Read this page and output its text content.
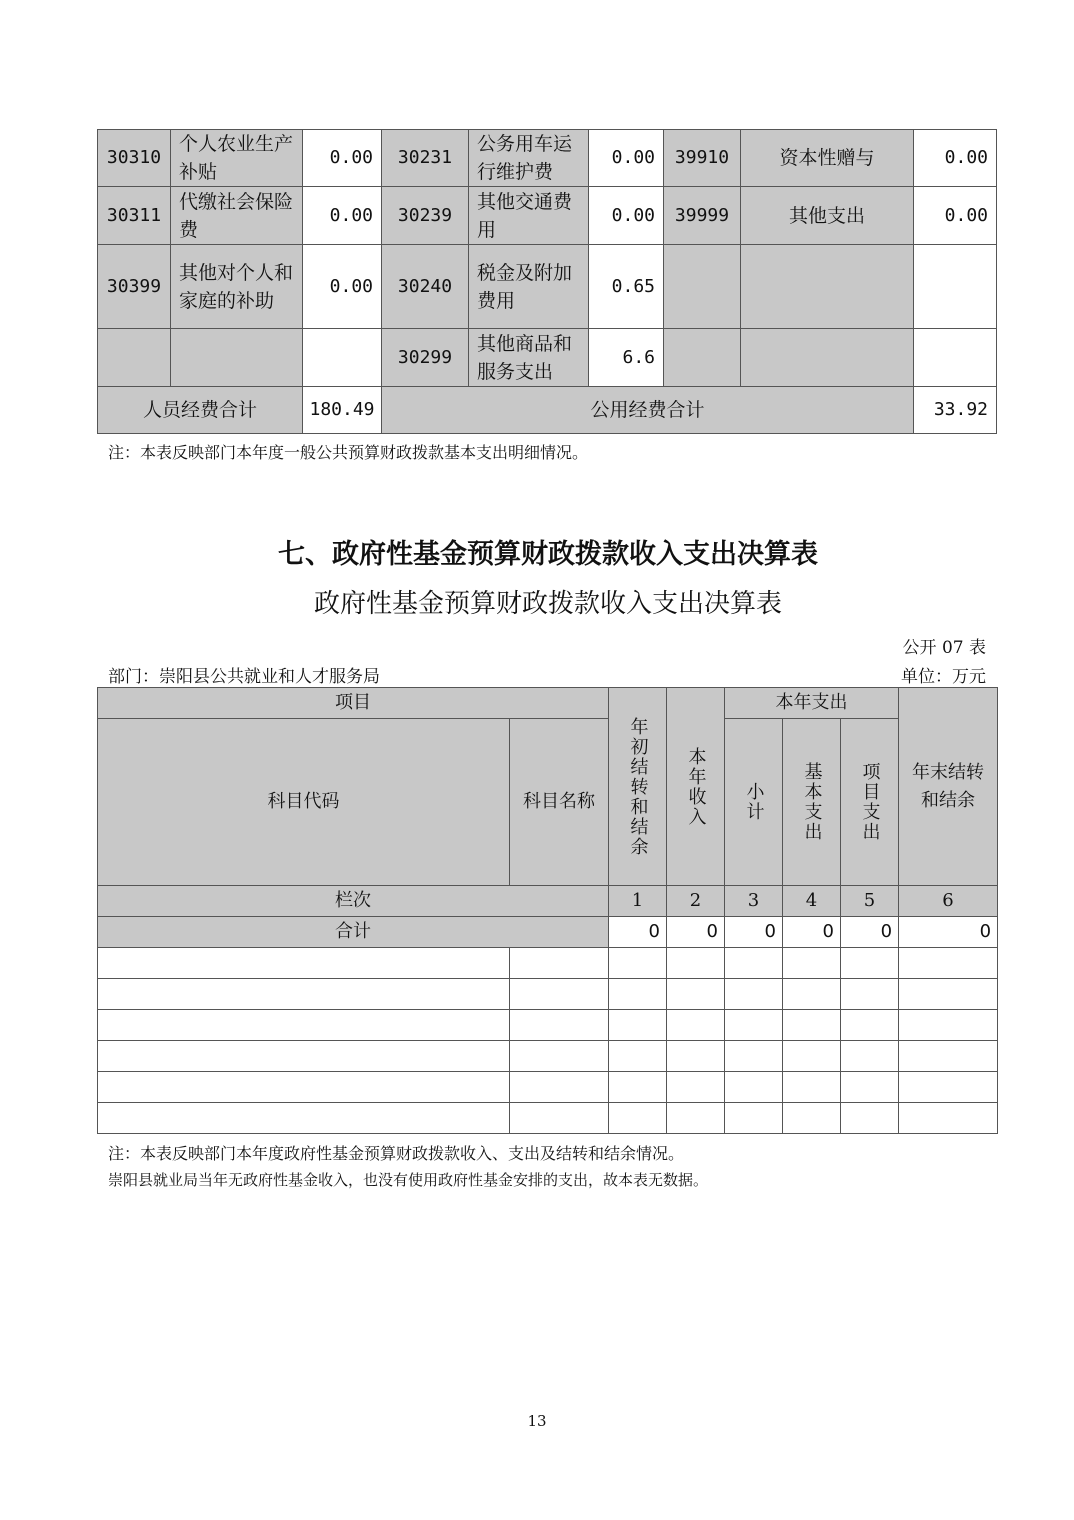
30310	个人农业生产补贴	0.00	30231	公务用车运行维护费	0.00	39910	资本性赠与	0.00
30311	代缴社会保险费	0.00	30239	其他交通费用	0.00	39999	其他支出	0.00
30399	其他对个人和家庭的补助	0.00	30240	税金及附加费用	0.65			
			30299	其他商品和服务支出	6.6			
人员经费合计		180.49	公用经费合计					33.92
注：本表反映部门本年度一般公共预算财政拨款基本支出明细情况。
七、政府性基金预算财政拨款收入支出决算表
政府性基金预算财政拨款收入支出决算表
公开 07 表
部门：崇阳县公共就业和人才服务局	单位：万元
项目		年初结转和结余	本年收入	本年支出			年末结转和结余

科目代码	科目名称			小计	基本支出	项目支出	

栏次		1	2	3	4	5	6
合计		0	0	0	0	0	0

注：本表反映部门本年度政府性基金预算财政拨款收入、支出及结转和结余情况。
崇阳县就业局当年无政府性基金收入，也没有使用政府性基金安排的支出，故本表无数据。
13
